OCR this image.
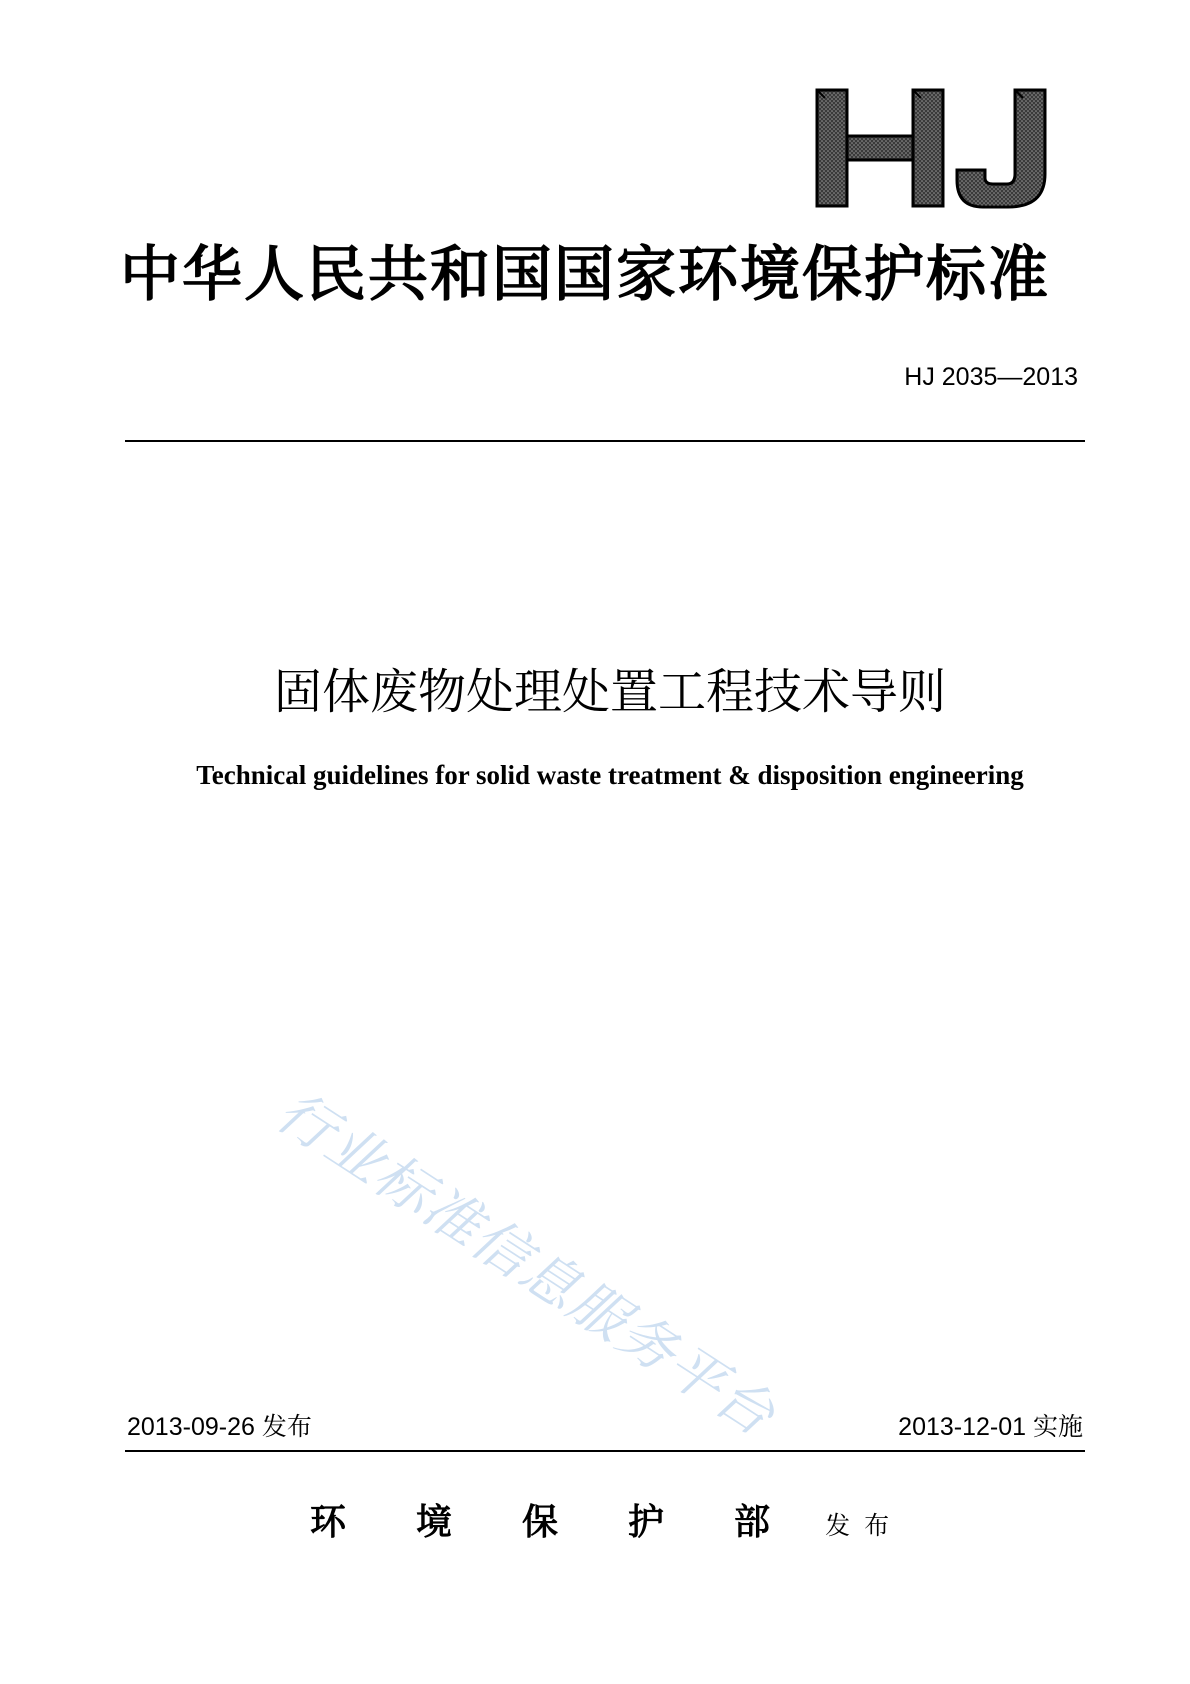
中华人民共和国国家环境保护标准
HJ 2035—2013
固体废物处理处置工程技术导则
Technical guidelines for solid waste treatment & disposition engineering
行业标准信息服务平台
2013-09-26 发布	2013-12-01 实施
环境保护部 发布
